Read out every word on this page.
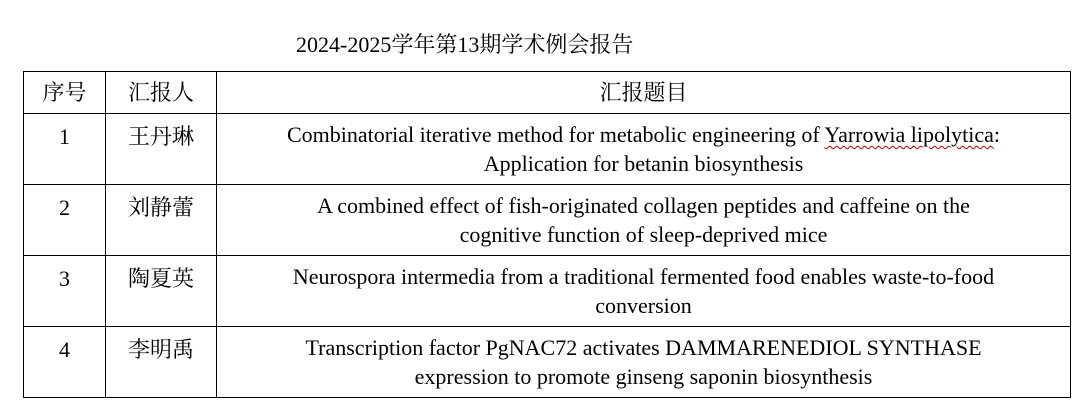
2024-2025学年第13期学术例会报告
序号	汇报人	汇报题目
1	王丹琳	Combinatorial iterative method for metabolic engineering of Yarrowia lipolytica:
Application for betanin biosynthesis

2	刘静蕾	A combined effect of fish-originated collagen peptides and caffeine on the
cognitive function of sleep-deprived mice

3	陶夏英	Neurospora intermedia from a traditional fermented food enables waste-to-food
conversion

4	李明禹	Transcription factor PgNAC72 activates DAMMARENEDIOL SYNTHASE
expression to promote ginseng saponin biosynthesis
